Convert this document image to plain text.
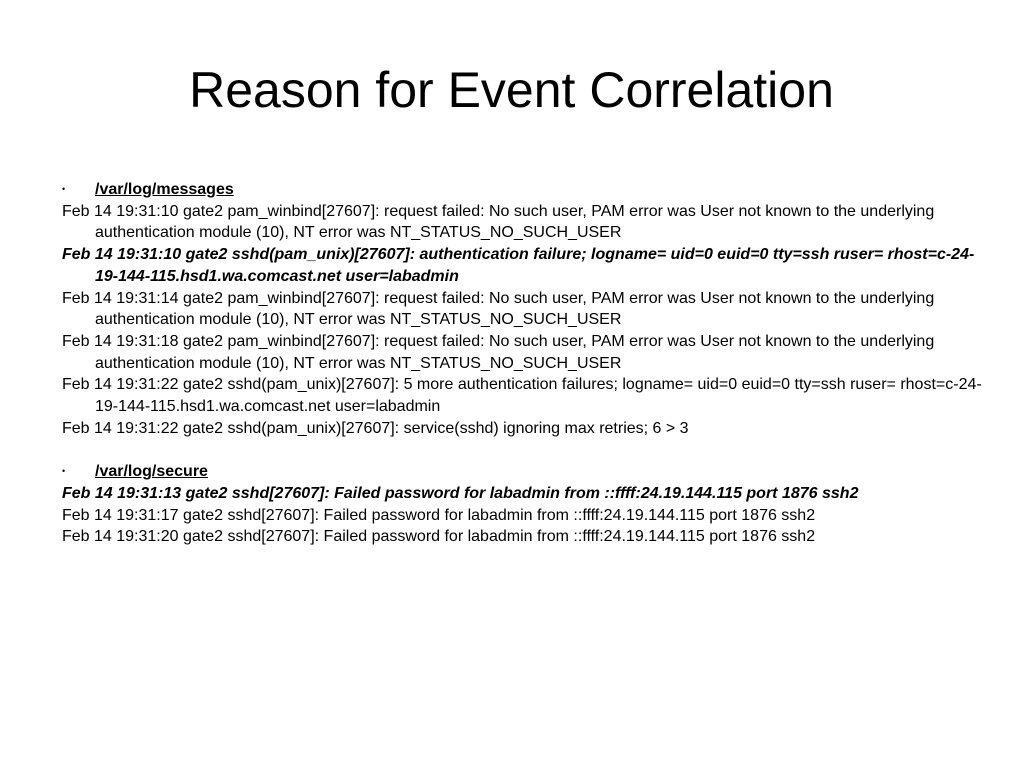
Reason for Event Correlation
• /var/log/messages
Feb 14 19:31:10 gate2 pam_winbind[27607]: request failed: No such user, PAM error was User not known to the underlying authentication module (10), NT error was NT_STATUS_NO_SUCH_USER
Feb 14 19:31:10 gate2 sshd(pam_unix)[27607]: authentication failure; logname= uid=0 euid=0 tty=ssh ruser= rhost=c-24-19-144-115.hsd1.wa.comcast.net user=labadmin
Feb 14 19:31:14 gate2 pam_winbind[27607]: request failed: No such user, PAM error was User not known to the underlying authentication module (10), NT error was NT_STATUS_NO_SUCH_USER
Feb 14 19:31:18 gate2 pam_winbind[27607]: request failed: No such user, PAM error was User not known to the underlying authentication module (10), NT error was NT_STATUS_NO_SUCH_USER
Feb 14 19:31:22 gate2 sshd(pam_unix)[27607]: 5 more authentication failures; logname= uid=0 euid=0 tty=ssh ruser= rhost=c-24-19-144-115.hsd1.wa.comcast.net user=labadmin
Feb 14 19:31:22 gate2 sshd(pam_unix)[27607]: service(sshd) ignoring max retries; 6 > 3
• /var/log/secure
Feb 14 19:31:13 gate2 sshd[27607]: Failed password for labadmin from ::ffff:24.19.144.115 port 1876 ssh2
Feb 14 19:31:17 gate2 sshd[27607]: Failed password for labadmin from ::ffff:24.19.144.115 port 1876 ssh2
Feb 14 19:31:20 gate2 sshd[27607]: Failed password for labadmin from ::ffff:24.19.144.115 port 1876 ssh2
